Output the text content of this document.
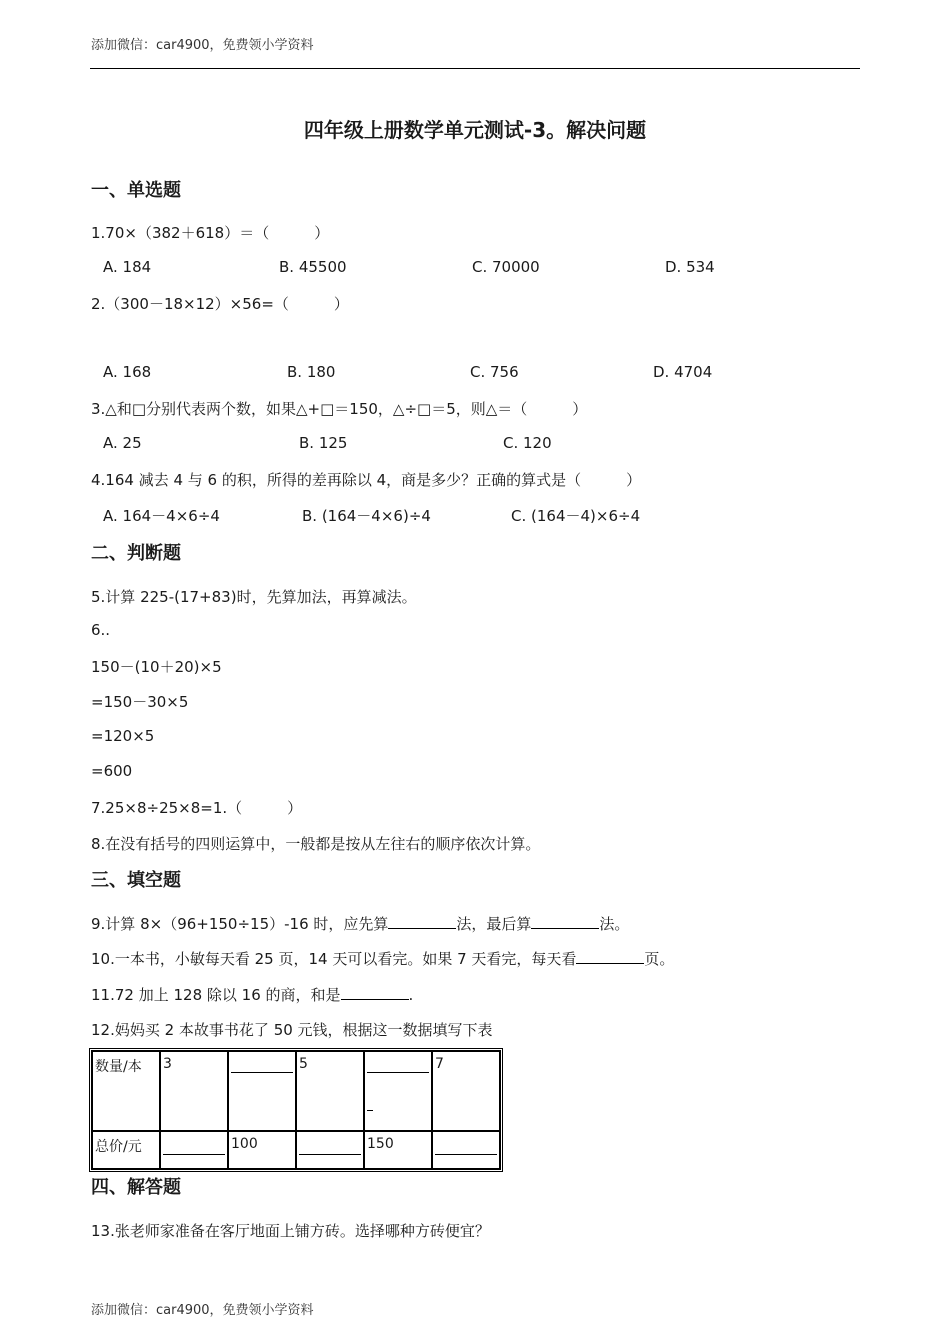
添加微信：car4900，免费领小学资料
四年级上册数学单元测试-3。解决问题
一、单选题
1.70×（382＋618）＝（　　　）
A. 184	B. 45500	C. 70000	D. 534
2.（300－18×12）×56=（　　　）
A. 168	B. 180	C. 756	D. 4704
3.△和□分别代表两个数，如果△+□＝150，△÷□＝5，则△＝（　　　）
A. 25	B. 125	C. 120
4.164 减去 4 与 6 的积，所得的差再除以 4，商是多少？正确的算式是（　　　）
A. 164－4×6÷4	B. (164－4×6)÷4	C. (164－4)×6÷4
二、判断题
5.计算 225-(17+83)时，先算加法，再算减法。
6..
150－(10＋20)×5
=150－30×5
=120×5
=600
7.25×8÷25×8=1.（　　　）
8.在没有括号的四则运算中，一般都是按从左往右的顺序依次计算。
三、填空题
9.计算 8×（96+150÷15）-16 时，应先算	法，最后算	法。
10.一本书，小敏每天看 25 页，14 天可以看完。如果 7 天看完，每天看	页。
11.72 加上 128 除以 16 的商，和是	.
12.妈妈买 2 本故事书花了 50 元钱，根据这一数据填写下表
数量/本	3		5		7

总价/元		100		150	

四、解答题
13.张老师家准备在客厅地面上铺方砖。选择哪种方砖便宜？
添加微信：car4900，免费领小学资料
